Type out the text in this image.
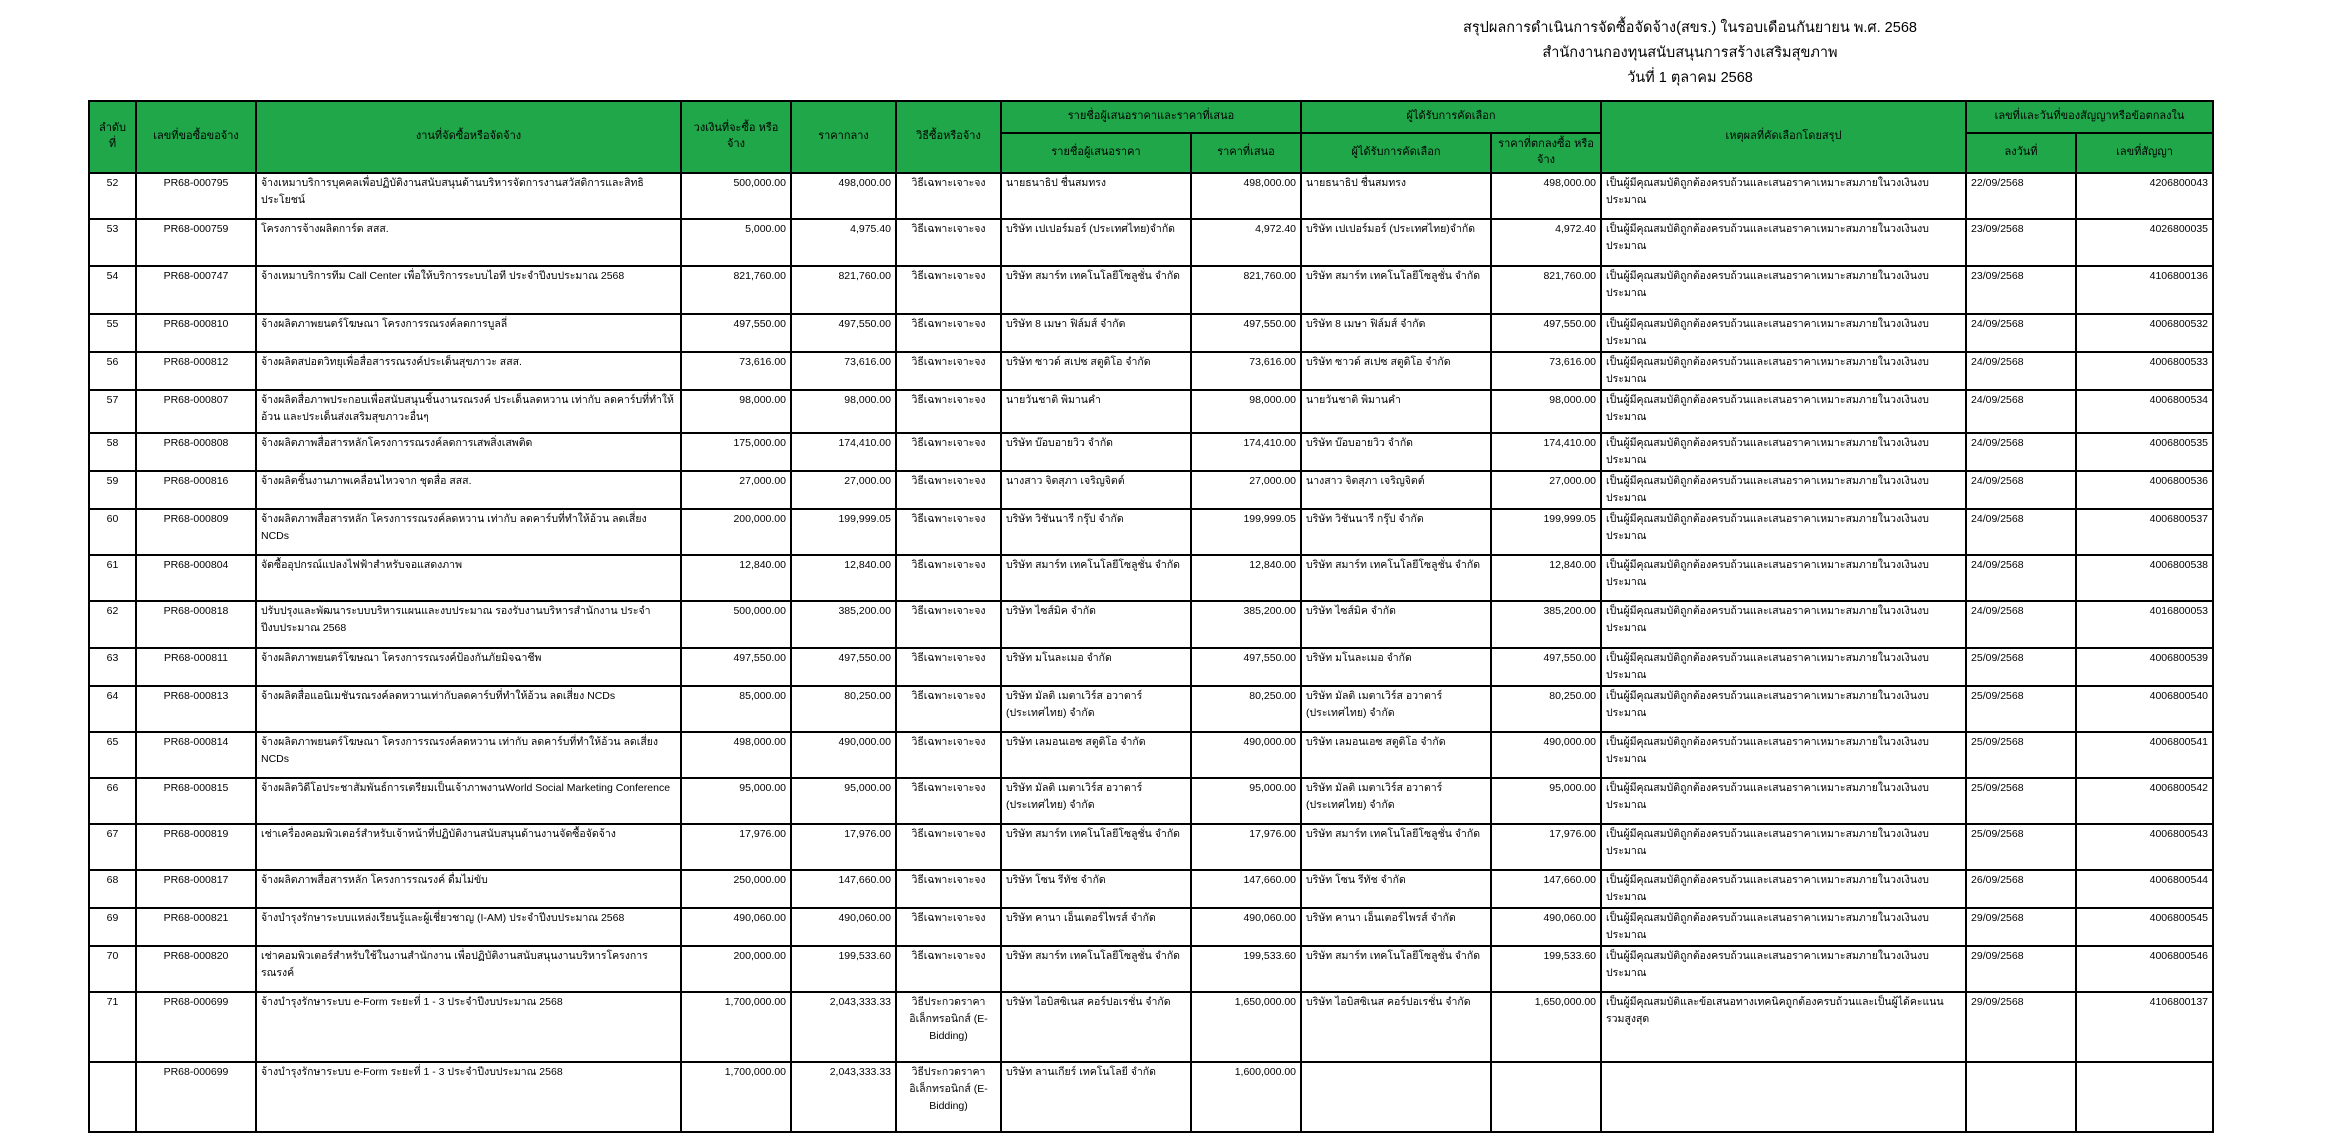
สรุปผลการดำเนินการจัดซื้อจัดจ้าง(สขร.) ในรอบเดือนกันยายน พ.ศ. 2568
สำนักงานกองทุนสนับสนุนการสร้างเสริมสุขภาพ
วันที่ 1 ตุลาคม 2568
ลำดับ ที่	เลขที่ขอซื้อขอจ้าง	งานที่จัดซื้อหรือจัดจ้าง	วงเงินที่จะซื้อ หรือจ้าง	ราคากลาง	วิธีซื้อหรือจ้าง	รายชื่อผู้เสนอราคาและราคาที่เสนอ		ผู้ได้รับการคัดเลือก		เหตุผลที่คัดเลือกโดยสรุป	เลขที่และวันที่ของสัญญาหรือข้อตกลงใน	
						รายชื่อผู้เสนอราคา	ราคาที่เสนอ	ผู้ได้รับการคัดเลือก	ราคาที่ตกลงซื้อ หรือจ้าง		ลงวันที่	เลขที่สัญญา
52	PR68-000795	จ้างเหมาบริการบุคคลเพื่อปฏิบัติงานสนับสนุนด้านบริหารจัดการงานสวัสดิการและสิทธิประโยชน์	500,000.00	498,000.00	วิธีเฉพาะเจาะจง	นายธนาธิป ชื่นสมทรง	498,000.00	นายธนาธิป ชื่นสมทรง	498,000.00	เป็นผู้มีคุณสมบัติถูกต้องครบถ้วนและเสนอราคาเหมาะสมภายในวงเงินงบประมาณ	22/09/2568	4206800043
53	PR68-000759	โครงการจ้างผลิตการ์ด สสส.	5,000.00	4,975.40	วิธีเฉพาะเจาะจง	บริษัท เปเปอร์มอร์ (ประเทศไทย)จำกัด	4,972.40	บริษัท เปเปอร์มอร์ (ประเทศไทย)จำกัด	4,972.40	เป็นผู้มีคุณสมบัติถูกต้องครบถ้วนและเสนอราคาเหมาะสมภายในวงเงินงบประมาณ	23/09/2568	4026800035
54	PR68-000747	จ้างเหมาบริการทีม Call Center เพื่อให้บริการระบบไอที ประจำปีงบประมาณ 2568	821,760.00	821,760.00	วิธีเฉพาะเจาะจง	บริษัท สมาร์ท เทคโนโลยีโซลูชั่น จำกัด	821,760.00	บริษัท สมาร์ท เทคโนโลยีโซลูชั่น จำกัด	821,760.00	เป็นผู้มีคุณสมบัติถูกต้องครบถ้วนและเสนอราคาเหมาะสมภายในวงเงินงบประมาณ	23/09/2568	4106800136
55	PR68-000810	จ้างผลิตภาพยนตร์โฆษณา โครงการรณรงค์ลดการบูลลี่	497,550.00	497,550.00	วิธีเฉพาะเจาะจง	บริษัท 8 เมษา ฟิล์มส์ จำกัด	497,550.00	บริษัท 8 เมษา ฟิล์มส์ จำกัด	497,550.00	เป็นผู้มีคุณสมบัติถูกต้องครบถ้วนและเสนอราคาเหมาะสมภายในวงเงินงบประมาณ	24/09/2568	4006800532
56	PR68-000812	จ้างผลิตสปอตวิทยุเพื่อสื่อสารรณรงค์ประเด็นสุขภาวะ สสส.	73,616.00	73,616.00	วิธีเฉพาะเจาะจง	บริษัท ซาวด์ สเปซ สตูดิโอ จำกัด	73,616.00	บริษัท ซาวด์ สเปซ สตูดิโอ จำกัด	73,616.00	เป็นผู้มีคุณสมบัติถูกต้องครบถ้วนและเสนอราคาเหมาะสมภายในวงเงินงบประมาณ	24/09/2568	4006800533
57	PR68-000807	จ้างผลิตสื่อภาพประกอบเพื่อสนับสนุนชิ้นงานรณรงค์ ประเด็นลดหวาน เท่ากับ ลดคาร์บที่ทำให้อ้วน และประเด็นส่งเสริมสุขภาวะอื่นๆ	98,000.00	98,000.00	วิธีเฉพาะเจาะจง	นายวันชาติ พิมานคำ	98,000.00	นายวันชาติ พิมานคำ	98,000.00	เป็นผู้มีคุณสมบัติถูกต้องครบถ้วนและเสนอราคาเหมาะสมภายในวงเงินงบประมาณ	24/09/2568	4006800534
58	PR68-000808	จ้างผลิตภาพสื่อสารหลักโครงการรณรงค์ลดการเสพสิ่งเสพติด	175,000.00	174,410.00	วิธีเฉพาะเจาะจง	บริษัท บ๊อบอายวิว จำกัด	174,410.00	บริษัท บ๊อบอายวิว จำกัด	174,410.00	เป็นผู้มีคุณสมบัติถูกต้องครบถ้วนและเสนอราคาเหมาะสมภายในวงเงินงบประมาณ	24/09/2568	4006800535
59	PR68-000816	จ้างผลิตชิ้นงานภาพเคลื่อนไหวจาก ชุดสื่อ สสส.	27,000.00	27,000.00	วิธีเฉพาะเจาะจง	นางสาว จิตสุภา เจริญจิตต์	27,000.00	นางสาว จิตสุภา เจริญจิตต์	27,000.00	เป็นผู้มีคุณสมบัติถูกต้องครบถ้วนและเสนอราคาเหมาะสมภายในวงเงินงบประมาณ	24/09/2568	4006800536
60	PR68-000809	จ้างผลิตภาพสื่อสารหลัก โครงการรณรงค์ลดหวาน เท่ากับ ลดคาร์บที่ทำให้อ้วน ลดเสี่ยง NCDs	200,000.00	199,999.05	วิธีเฉพาะเจาะจง	บริษัท วิชันนารี กรุ๊ป จำกัด	199,999.05	บริษัท วิชันนารี กรุ๊ป จำกัด	199,999.05	เป็นผู้มีคุณสมบัติถูกต้องครบถ้วนและเสนอราคาเหมาะสมภายในวงเงินงบประมาณ	24/09/2568	4006800537
61	PR68-000804	จัดซื้ออุปกรณ์แปลงไฟฟ้าสำหรับจอแสดงภาพ	12,840.00	12,840.00	วิธีเฉพาะเจาะจง	บริษัท สมาร์ท เทคโนโลยีโซลูชั่น จำกัด	12,840.00	บริษัท สมาร์ท เทคโนโลยีโซลูชั่น จำกัด	12,840.00	เป็นผู้มีคุณสมบัติถูกต้องครบถ้วนและเสนอราคาเหมาะสมภายในวงเงินงบประมาณ	24/09/2568	4006800538
62	PR68-000818	ปรับปรุงและพัฒนาระบบบริหารแผนและงบประมาณ รองรับงานบริหารสำนักงาน ประจำปีงบประมาณ 2568	500,000.00	385,200.00	วิธีเฉพาะเจาะจง	บริษัท ไซส์มิค จำกัด	385,200.00	บริษัท ไซส์มิค จำกัด	385,200.00	เป็นผู้มีคุณสมบัติถูกต้องครบถ้วนและเสนอราคาเหมาะสมภายในวงเงินงบประมาณ	24/09/2568	4016800053
63	PR68-000811	จ้างผลิตภาพยนตร์โฆษณา โครงการรณรงค์ป้องกันภัยมิจฉาชีพ	497,550.00	497,550.00	วิธีเฉพาะเจาะจง	บริษัท มโนละเมอ จำกัด	497,550.00	บริษัท มโนละเมอ จำกัด	497,550.00	เป็นผู้มีคุณสมบัติถูกต้องครบถ้วนและเสนอราคาเหมาะสมภายในวงเงินงบประมาณ	25/09/2568	4006800539
64	PR68-000813	จ้างผลิตสื่อแอนิเมชันรณรงค์ลดหวานเท่ากับลดคาร์บที่ทำให้อ้วน ลดเสี่ยง NCDs	85,000.00	80,250.00	วิธีเฉพาะเจาะจง	บริษัท มัลติ เมตาเวิร์ส อวาตาร์ (ประเทศไทย) จำกัด	80,250.00	บริษัท มัลติ เมตาเวิร์ส อวาตาร์ (ประเทศไทย) จำกัด	80,250.00	เป็นผู้มีคุณสมบัติถูกต้องครบถ้วนและเสนอราคาเหมาะสมภายในวงเงินงบประมาณ	25/09/2568	4006800540
65	PR68-000814	จ้างผลิตภาพยนตร์โฆษณา โครงการรณรงค์ลดหวาน เท่ากับ ลดคาร์บที่ทำให้อ้วน ลดเสี่ยง NCDs	498,000.00	490,000.00	วิธีเฉพาะเจาะจง	บริษัท เลมอนเอซ สตูดิโอ จำกัด	490,000.00	บริษัท เลมอนเอซ สตูดิโอ จำกัด	490,000.00	เป็นผู้มีคุณสมบัติถูกต้องครบถ้วนและเสนอราคาเหมาะสมภายในวงเงินงบประมาณ	25/09/2568	4006800541
66	PR68-000815	จ้างผลิตวิดีโอประชาสัมพันธ์การเตรียมเป็นเจ้าภาพงานWorld Social Marketing Conference	95,000.00	95,000.00	วิธีเฉพาะเจาะจง	บริษัท มัลติ เมตาเวิร์ส อวาตาร์ (ประเทศไทย) จำกัด	95,000.00	บริษัท มัลติ เมตาเวิร์ส อวาตาร์ (ประเทศไทย) จำกัด	95,000.00	เป็นผู้มีคุณสมบัติถูกต้องครบถ้วนและเสนอราคาเหมาะสมภายในวงเงินงบประมาณ	25/09/2568	4006800542
67	PR68-000819	เช่าเครื่องคอมพิวเตอร์สำหรับเจ้าหน้าที่ปฏิบัติงานสนับสนุนด้านงานจัดซื้อจัดจ้าง	17,976.00	17,976.00	วิธีเฉพาะเจาะจง	บริษัท สมาร์ท เทคโนโลยีโซลูชั่น จำกัด	17,976.00	บริษัท สมาร์ท เทคโนโลยีโซลูชั่น จำกัด	17,976.00	เป็นผู้มีคุณสมบัติถูกต้องครบถ้วนและเสนอราคาเหมาะสมภายในวงเงินงบประมาณ	25/09/2568	4006800543
68	PR68-000817	จ้างผลิตภาพสื่อสารหลัก โครงการรณรงค์ ดื่มไม่ขับ	250,000.00	147,660.00	วิธีเฉพาะเจาะจง	บริษัท โซน รีทัช จำกัด	147,660.00	บริษัท โซน รีทัช จำกัด	147,660.00	เป็นผู้มีคุณสมบัติถูกต้องครบถ้วนและเสนอราคาเหมาะสมภายในวงเงินงบประมาณ	26/09/2568	4006800544
69	PR68-000821	จ้างบำรุงรักษาระบบแหล่งเรียนรู้และผู้เชี่ยวชาญ (I-AM) ประจำปีงบประมาณ 2568	490,060.00	490,060.00	วิธีเฉพาะเจาะจง	บริษัท คานา เอ็นเตอร์ไพรส์ จำกัด	490,060.00	บริษัท คานา เอ็นเตอร์ไพรส์ จำกัด	490,060.00	เป็นผู้มีคุณสมบัติถูกต้องครบถ้วนและเสนอราคาเหมาะสมภายในวงเงินงบประมาณ	29/09/2568	4006800545
70	PR68-000820	เช่าคอมพิวเตอร์สำหรับใช้ในงานสำนักงาน เพื่อปฏิบัติงานสนับสนุนงานบริหารโครงการรณรงค์	200,000.00	199,533.60	วิธีเฉพาะเจาะจง	บริษัท สมาร์ท เทคโนโลยีโซลูชั่น จำกัด	199,533.60	บริษัท สมาร์ท เทคโนโลยีโซลูชั่น จำกัด	199,533.60	เป็นผู้มีคุณสมบัติถูกต้องครบถ้วนและเสนอราคาเหมาะสมภายในวงเงินงบประมาณ	29/09/2568	4006800546
71	PR68-000699	จ้างบำรุงรักษาระบบ e-Form ระยะที่ 1 - 3 ประจำปีงบประมาณ 2568	1,700,000.00	2,043,333.33	วิธีประกวดราคาอิเล็กทรอนิกส์ (E-Bidding)	บริษัท ไอบิสซิเนส คอร์ปอเรชั่น จำกัด	1,650,000.00	บริษัท ไอบิสซิเนส คอร์ปอเรชั่น จำกัด	1,650,000.00	เป็นผู้มีคุณสมบัติและข้อเสนอทางเทคนิคถูกต้องครบถ้วนและเป็นผู้ได้คะแนนรวมสูงสุด	29/09/2568	4106800137
	PR68-000699	จ้างบำรุงรักษาระบบ e-Form ระยะที่ 1 - 3 ประจำปีงบประมาณ 2568	1,700,000.00	2,043,333.33	วิธีประกวดราคาอิเล็กทรอนิกส์ (E-Bidding)	บริษัท ลานเกียร์ เทคโนโลยี จำกัด	1,600,000.00					
